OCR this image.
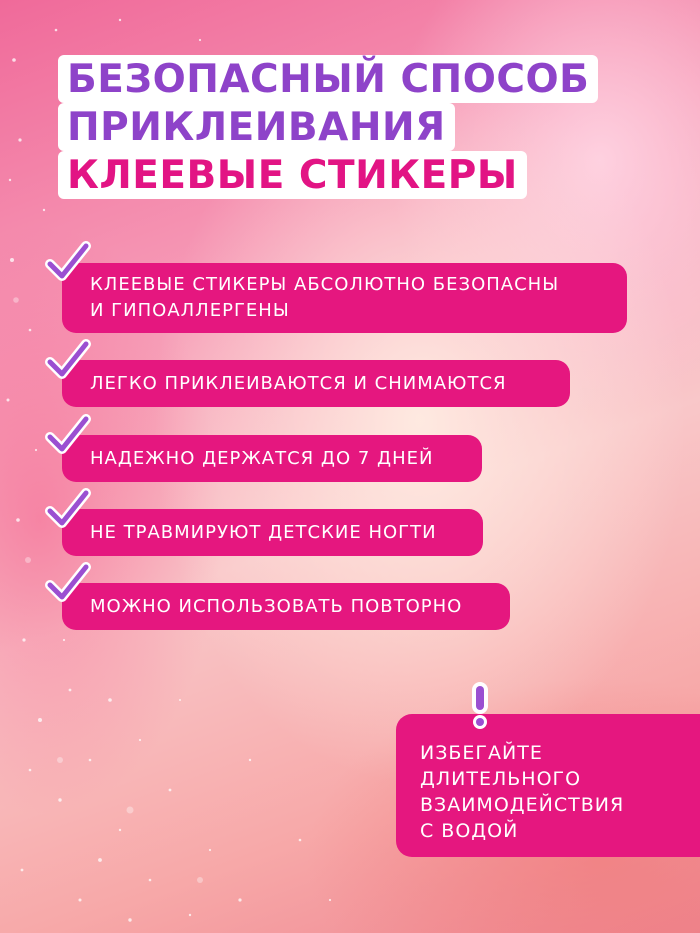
БЕЗОПАСНЫЙ СПОСОБ
ПРИКЛЕИВАНИЯ
КЛЕЕВЫЕ СТИКЕРЫ
КЛЕЕВЫЕ СТИКЕРЫ АБСОЛЮТНО БЕЗОПАСНЫ
И ГИПОАЛЛЕРГЕНЫ
ЛЕГКО ПРИКЛЕИВАЮТСЯ И СНИМАЮТСЯ
НАДЕЖНО ДЕРЖАТСЯ ДО 7 ДНЕЙ
НЕ ТРАВМИРУЮТ ДЕТСКИЕ НОГТИ
МОЖНО ИСПОЛЬЗОВАТЬ ПОВТОРНО
ИЗБЕГАЙТЕ
ДЛИТЕЛЬНОГО
ВЗАИМОДЕЙСТВИЯ
С ВОДОЙ
